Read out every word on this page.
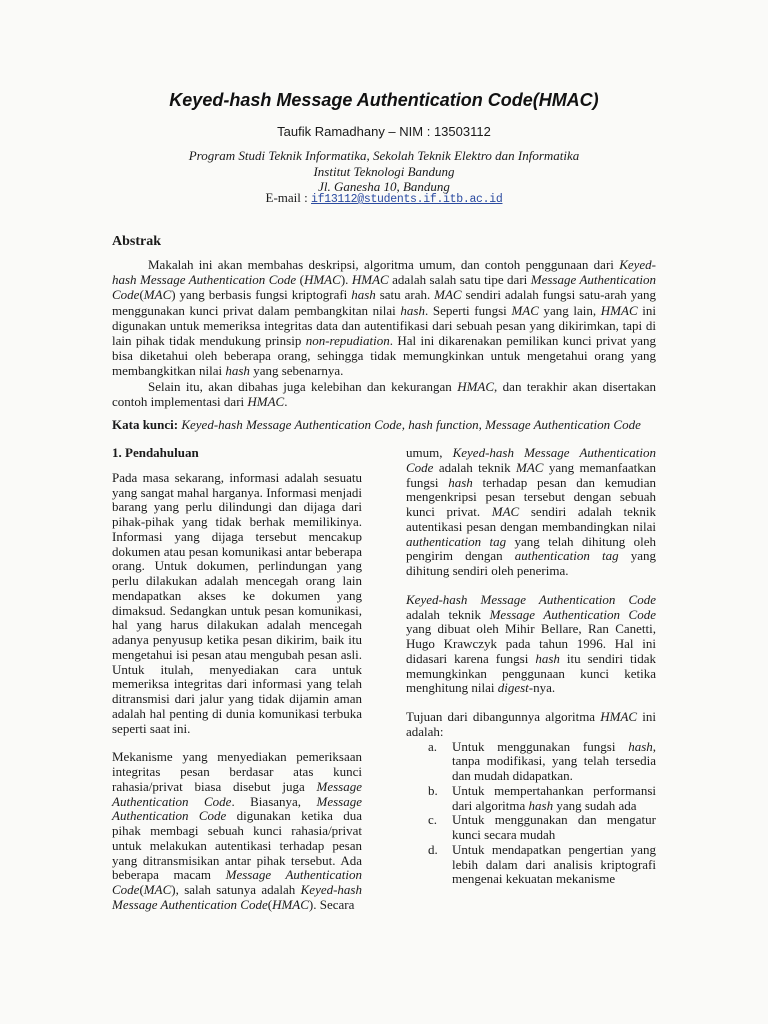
Keyed-hash Message Authentication Code(HMAC)
Taufik Ramadhany – NIM : 13503112
Program Studi Teknik Informatika, Sekolah Teknik Elektro dan Informatika
Institut Teknologi Bandung
Jl. Ganesha 10, Bandung
E-mail : if13112@students.if.itb.ac.id
Abstrak

Makalah ini akan membahas deskripsi, algoritma umum, dan contoh penggunaan dari Keyed-hash Message Authentication Code (HMAC). HMAC adalah salah satu tipe dari Message Authentication Code(MAC) yang berbasis fungsi kriptografi hash satu arah. MAC sendiri adalah fungsi satu-arah yang menggunakan kunci privat dalam pembangkitan nilai hash. Seperti fungsi MAC yang lain, HMAC ini digunakan untuk memeriksa integritas data dan autentifikasi dari sebuah pesan yang dikirimkan, tapi di lain pihak tidak mendukung prinsip non-repudiation. Hal ini dikarenakan pemilikan kunci privat yang bisa diketahui oleh beberapa orang, sehingga tidak memungkinkan untuk mengetahui orang yang membangkitkan nilai hash yang sebenarnya.

Selain itu, akan dibahas juga kelebihan dan kekurangan HMAC, dan terakhir akan disertakan contoh implementasi dari HMAC.

Kata kunci: Keyed-hash Message Authentication Code, hash function, Message Authentication Code
1. Pendahuluan

Pada masa sekarang, informasi adalah sesuatu yang sangat mahal harganya. Informasi menjadi barang yang perlu dilindungi dan dijaga dari pihak-pihak yang tidak berhak memilikinya. Informasi yang dijaga tersebut mencakup dokumen atau pesan komunikasi antar beberapa orang. Untuk dokumen, perlindungan yang perlu dilakukan adalah mencegah orang lain mendapatkan akses ke dokumen yang dimaksud. Sedangkan untuk pesan komunikasi, hal yang harus dilakukan adalah mencegah adanya penyusup ketika pesan dikirim, baik itu mengetahui isi pesan atau mengubah pesan asli. Untuk itulah, menyediakan cara untuk memeriksa integritas dari informasi yang telah ditransmisi dari jalur yang tidak dijamin aman adalah hal penting di dunia komunikasi terbuka seperti saat ini.

Mekanisme yang menyediakan pemeriksaan integritas pesan berdasar atas kunci rahasia/privat biasa disebut juga Message Authentication Code. Biasanya, Message Authentication Code digunakan ketika dua pihak membagi sebuah kunci rahasia/privat untuk melakukan autentikasi terhadap pesan yang ditransmisikan antar pihak tersebut. Ada beberapa macam Message Authentication Code(MAC), salah satunya adalah Keyed-hash Message Authentication Code(HMAC). Secara

umum, Keyed-hash Message Authentication Code adalah teknik MAC yang memanfaatkan fungsi hash terhadap pesan dan kemudian mengenkripsi pesan tersebut dengan sebuah kunci privat. MAC sendiri adalah teknik autentikasi pesan dengan membandingkan nilai authentication tag yang telah dihitung oleh pengirim dengan authentication tag yang dihitung sendiri oleh penerima.

Keyed-hash Message Authentication Code adalah teknik Message Authentication Code yang dibuat oleh Mihir Bellare, Ran Canetti, Hugo Krawczyk pada tahun 1996. Hal ini didasari karena fungsi hash itu sendiri tidak memungkinkan penggunaan kunci ketika menghitung nilai digest-nya.

Tujuan dari dibangunnya algoritma HMAC ini adalah:

a. Untuk menggunakan fungsi hash, tanpa modifikasi, yang telah tersedia dan mudah didapatkan.
b. Untuk mempertahankan performansi dari algoritma hash yang sudah ada
c. Untuk menggunakan dan mengatur kunci secara mudah
d. Untuk mendapatkan pengertian yang lebih dalam dari analisis kriptografi mengenai kekuatan mekanisme
